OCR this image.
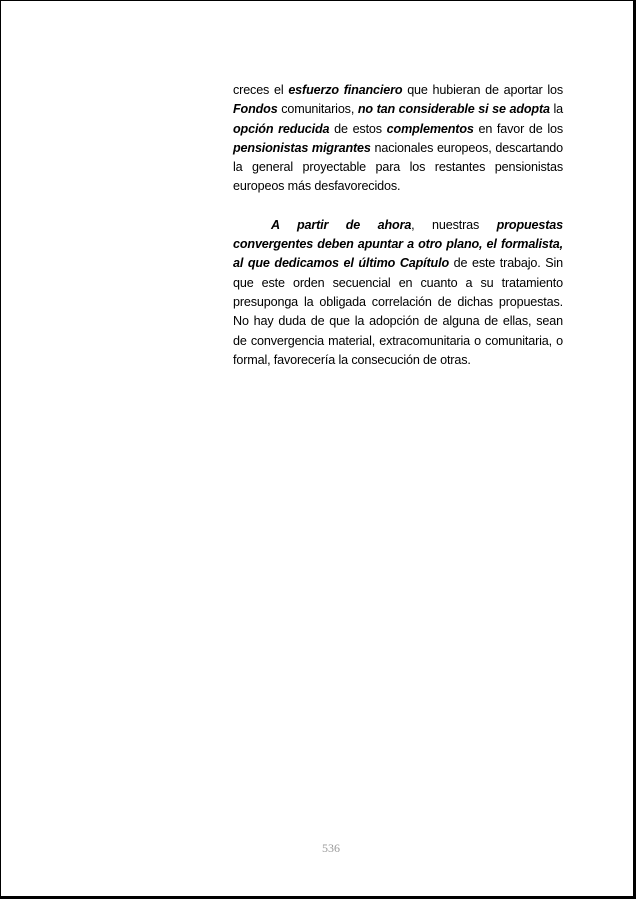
creces el esfuerzo financiero que hubieran de aportar los Fondos comunitarios, no tan considerable si se adopta la opción reducida de estos complementos en favor de los pensionistas migrantes nacionales europeos, descartando la general proyectable para los restantes pensionistas europeos más desfavorecidos.

A partir de ahora, nuestras propuestas convergentes deben apuntar a otro plano, el formalista, al que dedicamos el último Capítulo de este trabajo. Sin que este orden secuencial en cuanto a su tratamiento presuponga la obligada correlación de dichas propuestas. No hay duda de que la adopción de alguna de ellas, sean de convergencia material, extracomunitaria o comunitaria, o formal, favorecería la consecución de otras.

536
